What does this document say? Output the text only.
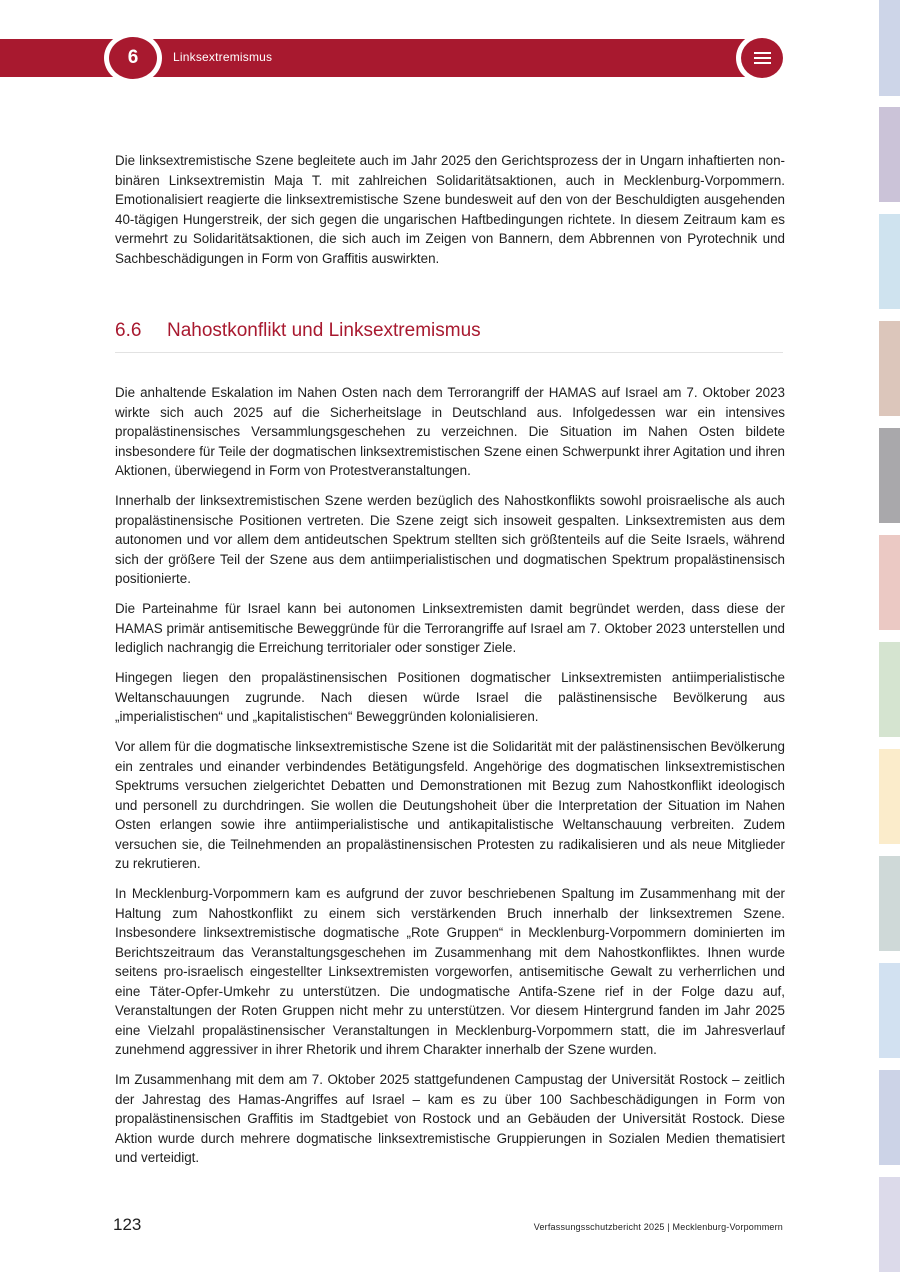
6	Linksextremismus

Die linksextremistische Szene begleitete auch im Jahr 2025 den Gerichtsprozess der in Ungarn inhaftierten non-binären Linksextremistin Maja T. mit zahlreichen Solidaritätsaktionen, auch in Mecklenburg-Vorpommern. Emotionalisiert reagierte die linksextremistische Szene bundesweit auf den von der Beschuldigten ausgehenden 40-tägigen Hungerstreik, der sich gegen die ungarischen Haftbedingungen richtete. In diesem Zeitraum kam es vermehrt zu Solidaritätsaktionen, die sich auch im Zeigen von Bannern, dem Abbrennen von Pyrotechnik und Sachbeschädigungen in Form von Graffitis auswirkten.

6.6	Nahostkonflikt und Linksextremismus

Die anhaltende Eskalation im Nahen Osten nach dem Terrorangriff der HAMAS auf Israel am 7. Oktober 2023 wirkte sich auch 2025 auf die Sicherheitslage in Deutschland aus. Infolgedessen war ein intensives propalästinensisches Versammlungsgeschehen zu verzeichnen. Die Situation im Nahen Osten bildete insbesondere für Teile der dogmatischen linksextremistischen Szene einen Schwerpunkt ihrer Agitation und ihren Aktionen, überwiegend in Form von Protestveranstaltungen.

Innerhalb der linksextremistischen Szene werden bezüglich des Nahostkonflikts sowohl proisraelische als auch propalästinensische Positionen vertreten. Die Szene zeigt sich insoweit gespalten. Linksextremisten aus dem autonomen und vor allem dem antideutschen Spektrum stellten sich größtenteils auf die Seite Israels, während sich der größere Teil der Szene aus dem antiimperialistischen und dogmatischen Spektrum propalästinensisch positionierte.

Die Parteinahme für Israel kann bei autonomen Linksextremisten damit begründet werden, dass diese der HAMAS primär antisemitische Beweggründe für die Terrorangriffe auf Israel am 7. Oktober 2023 unterstellen und lediglich nachrangig die Erreichung territorialer oder sonstiger Ziele.

Hingegen liegen den propalästinensischen Positionen dogmatischer Linksextremisten antiimperialistische Weltanschauungen zugrunde. Nach diesen würde Israel die palästinensische Bevölkerung aus „imperialistischen“ und „kapitalistischen“ Beweggründen kolonialisieren.

Vor allem für die dogmatische linksextremistische Szene ist die Solidarität mit der palästinensischen Bevölkerung ein zentrales und einander verbindendes Betätigungsfeld. Angehörige des dogmatischen linksextremistischen Spektrums versuchen zielgerichtet Debatten und Demonstrationen mit Bezug zum Nahostkonflikt ideologisch und personell zu durchdringen. Sie wollen die Deutungshoheit über die Interpretation der Situation im Nahen Osten erlangen sowie ihre antiimperialistische und antikapitalistische Weltanschauung verbreiten. Zudem versuchen sie, die Teilnehmenden an propalästinensischen Protesten zu radikalisieren und als neue Mitglieder zu rekrutieren.

In Mecklenburg-Vorpommern kam es aufgrund der zuvor beschriebenen Spaltung im Zusammenhang mit der Haltung zum Nahostkonflikt zu einem sich verstärkenden Bruch innerhalb der linksextremen Szene. Insbesondere linksextremistische dogmatische „Rote Gruppen“ in Mecklenburg-Vorpommern dominierten im Berichtszeitraum das Veranstaltungsgeschehen im Zusammenhang mit dem Nahostkonfliktes. Ihnen wurde seitens pro-israelisch eingestellter Linksextremisten vorgeworfen, antisemitische Gewalt zu verherrlichen und eine Täter-Opfer-Umkehr zu unterstützen. Die undogmatische Antifa-Szene rief in der Folge dazu auf, Veranstaltungen der Roten Gruppen nicht mehr zu unterstützen. Vor diesem Hintergrund fanden im Jahr 2025 eine Vielzahl propalästinensischer Veranstaltungen in Mecklenburg-Vorpommern statt, die im Jahresverlauf zunehmend aggressiver in ihrer Rhetorik und ihrem Charakter innerhalb der Szene wurden.

Im Zusammenhang mit dem am 7. Oktober 2025 stattgefundenen Campustag der Universität Rostock – zeitlich der Jahrestag des Hamas-Angriffes auf Israel – kam es zu über 100 Sachbeschädigungen in Form von propalästinensischen Graffitis im Stadtgebiet von Rostock und an Gebäuden der Universität Rostock. Diese Aktion wurde durch mehrere dogmatische linksextremistische Gruppierungen in Sozialen Medien thematisiert und verteidigt.

123	Verfassungsschutzbericht 2025 | Mecklenburg-Vorpommern
